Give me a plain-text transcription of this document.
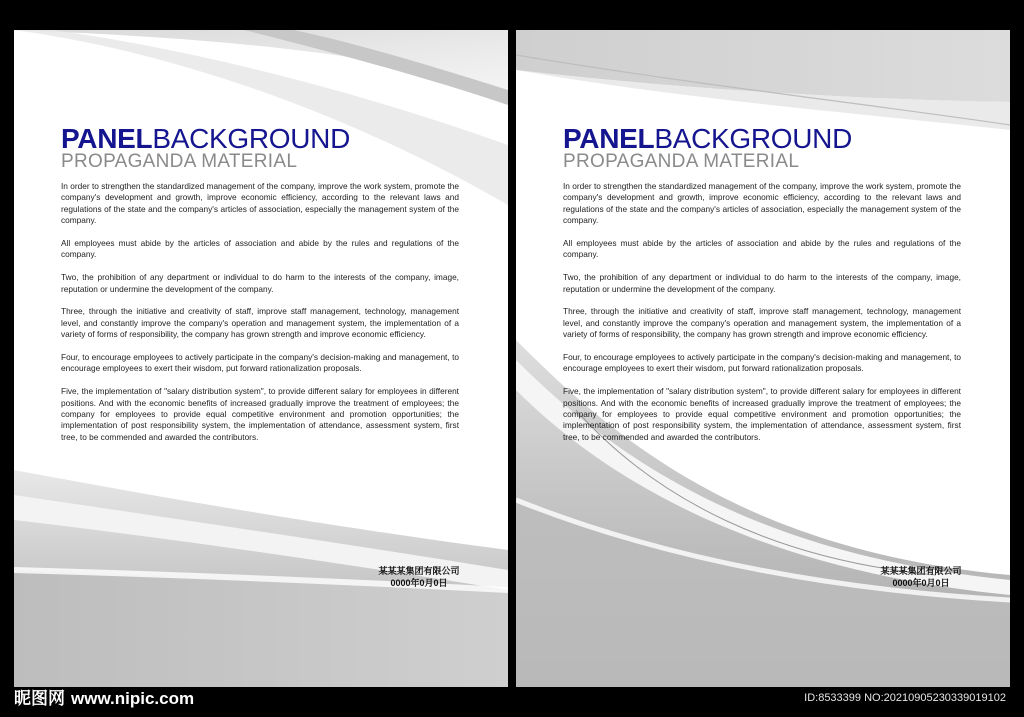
PANELBACKGROUND
PROPAGANDA MATERIAL

In order to strengthen the standardized management of the company, improve the work system, promote the company's development and growth, improve economic efficiency, according to the relevant laws and regulations of the state and the company's articles of association, especially the management system of the company.

All employees must abide by the articles of association and abide by the rules and regulations of the company.

Two, the prohibition of any department or individual to do harm to the interests of the company, image, reputation or undermine the development of the company.

Three, through the initiative and creativity of staff, improve staff management, technology, management level, and constantly improve the company's operation and management system, the implementation of a variety of forms of responsibility, the company has grown strength and improve economic efficiency.

Four, to encourage employees to actively participate in the company's decision-making and management, to encourage employees to exert their wisdom, put forward rationalization proposals.

Five, the implementation of "salary distribution system", to provide different salary for employees in different positions. And with the economic benefits of increased gradually improve the treatment of employees; the company for employees to provide equal competitive environment and promotion opportunities; the implementation of post responsibility system, the implementation of attendance, assessment system, first tree, to be commended and awarded the contributors.

某某某集团有限公司
0000年0月0日
PANELBACKGROUND
PROPAGANDA MATERIAL

In order to strengthen the standardized management of the company, improve the work system, promote the company's development and growth, improve economic efficiency, according to the relevant laws and regulations of the state and the company's articles of association, especially the management system of the company.

All employees must abide by the articles of association and abide by the rules and regulations of the company.

Two, the prohibition of any department or individual to do harm to the interests of the company, image, reputation or undermine the development of the company.

Three, through the initiative and creativity of staff, improve staff management, technology, management level, and constantly improve the company's operation and management system, the implementation of a variety of forms of responsibility, the company has grown strength and improve economic efficiency.

Four, to encourage employees to actively participate in the company's decision-making and management, to encourage employees to exert their wisdom, put forward rationalization proposals.

Five, the implementation of "salary distribution system", to provide different salary for employees in different positions. And with the economic benefits of increased gradually improve the treatment of employees; the company for employees to provide equal competitive environment and promotion opportunities; the implementation of post responsibility system, the implementation of attendance, assessment system, first tree, to be commended and awarded the contributors.

某某某集团有限公司
0000年0月0日
昵图网 www.nipic.com	ID:8533399 NO:20210905230339019102
